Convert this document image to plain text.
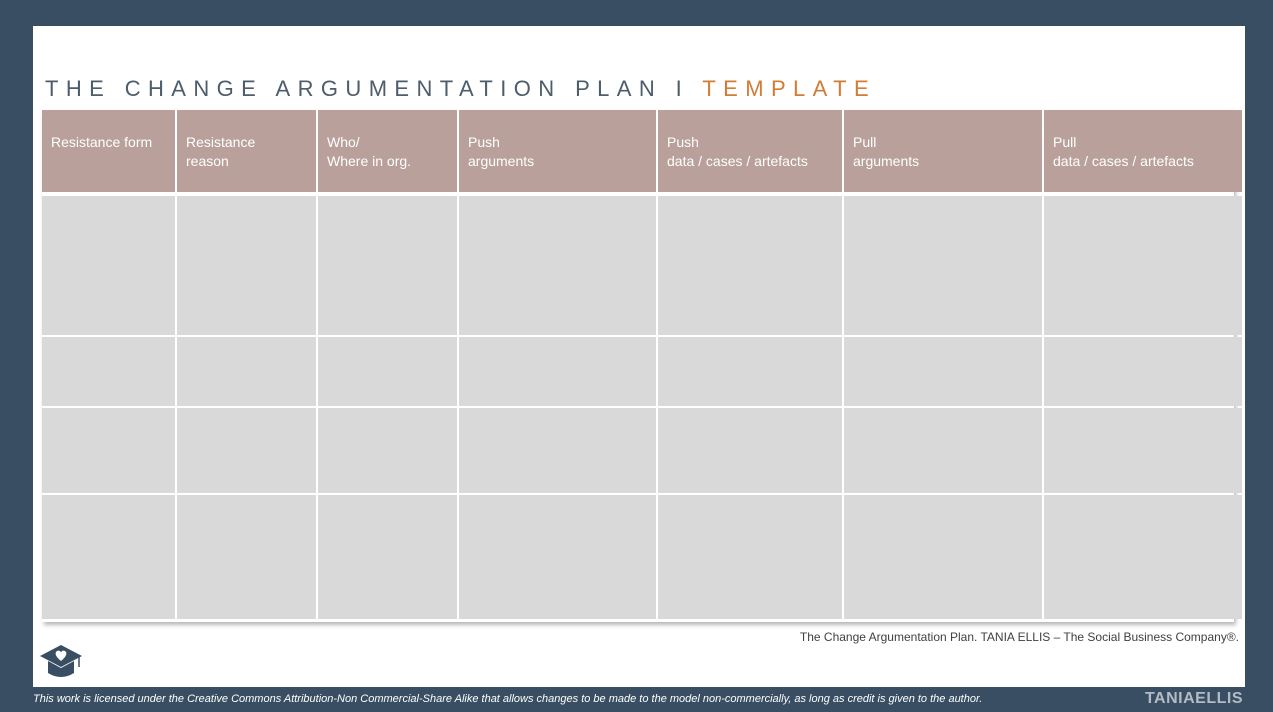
THE CHANGE ARGUMENTATION PLAN I TEMPLATE
Resistance form	Resistance
reason
Who/
Where in org.
Push
arguments
Push
data / cases / artefacts
Pull
arguments
Pull
data / cases / artefacts
The Change Argumentation Plan. TANIA ELLIS – The Social Business Company®.
This work is licensed under the Creative Commons Attribution-Non Commercial-Share Alike that allows changes to be made to the model non-commercially, as long as credit is given to the author.	TANIAELLIS
